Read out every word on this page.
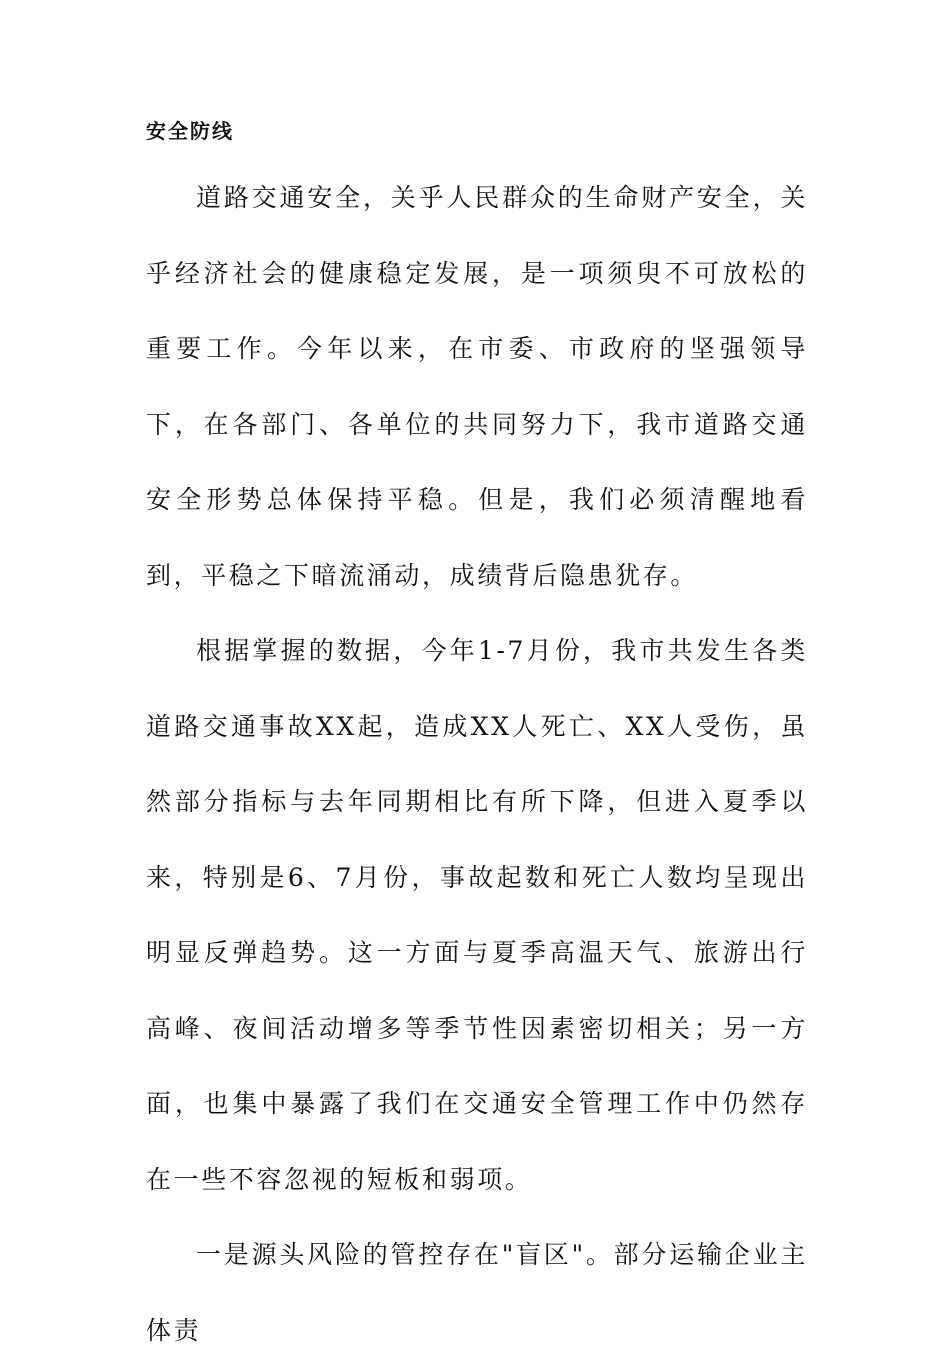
安全防线

道路交通安全，关乎人民群众的生命财产安全，关乎经济社会的健康稳定发展，是一项须臾不可放松的重要工作。今年以来，在市委、市政府的坚强领导下，在各部门、各单位的共同努力下，我市道路交通安全形势总体保持平稳。但是，我们必须清醒地看到，平稳之下暗流涌动，成绩背后隐患犹存。

根据掌握的数据，今年1-7月份，我市共发生各类道路交通事故XX起，造成XX人死亡、XX人受伤，虽然部分指标与去年同期相比有所下降，但进入夏季以来，特别是6、7月份，事故起数和死亡人数均呈现出明显反弹趋势。这一方面与夏季高温天气、旅游出行高峰、夜间活动增多等季节性因素密切相关；另一方面，也集中暴露了我们在交通安全管理工作中仍然存在一些不容忽视的短板和弱项。

一是源头风险的管控存在"盲区"。部分运输企业主体责
